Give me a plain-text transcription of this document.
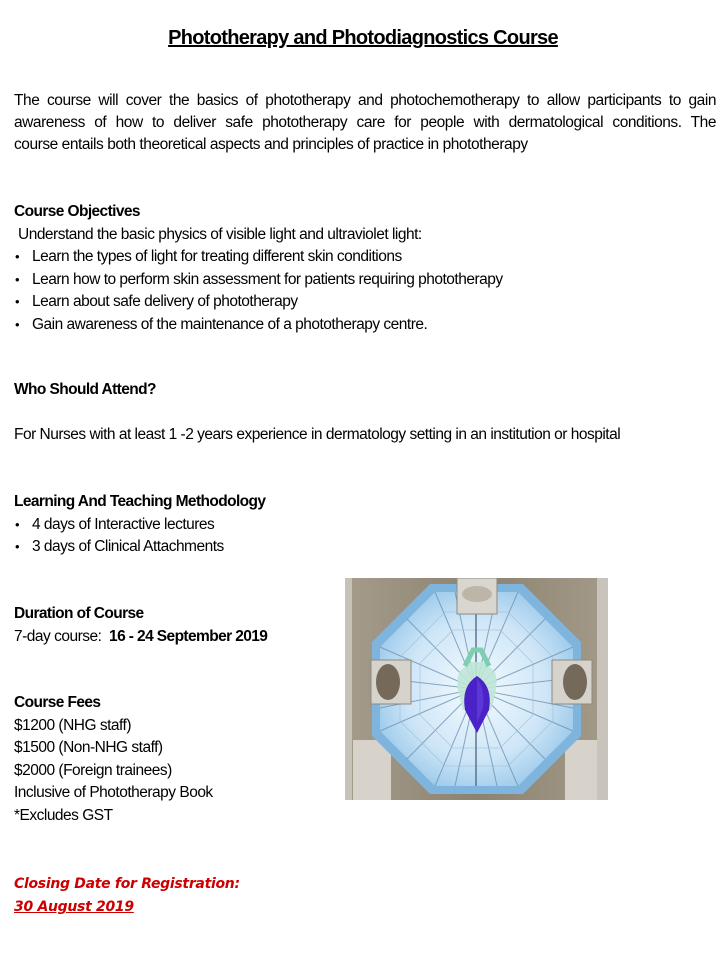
Phototherapy and Photodiagnostics Course
The course will cover the basics of phototherapy and photochemotherapy to allow participants to gain
awareness of how to deliver safe phototherapy care for people with dermatological conditions. The
course entails both theoretical aspects and principles of practice in phototherapy
Course Objectives
Understand the basic physics of visible light and ultraviolet light:
• Learn the types of light for treating different skin conditions
• Learn how to perform skin assessment for patients requiring phototherapy
• Learn about safe delivery of phototherapy
• Gain awareness of the maintenance of a phototherapy centre.
Who Should Attend?
For Nurses with at least 1 -2 years experience in dermatology setting in an institution or hospital
Learning And Teaching Methodology
• 4 days of Interactive lectures
• 3 days of Clinical Attachments
Duration of Course
7-day course: 16 - 24 September 2019
Course Fees
$1200 (NHG staff)
$1500 (Non-NHG staff)
$2000 (Foreign trainees)
Inclusive of Phototherapy Book
*Excludes GST
Closing Date for Registration:
30 August 2019
